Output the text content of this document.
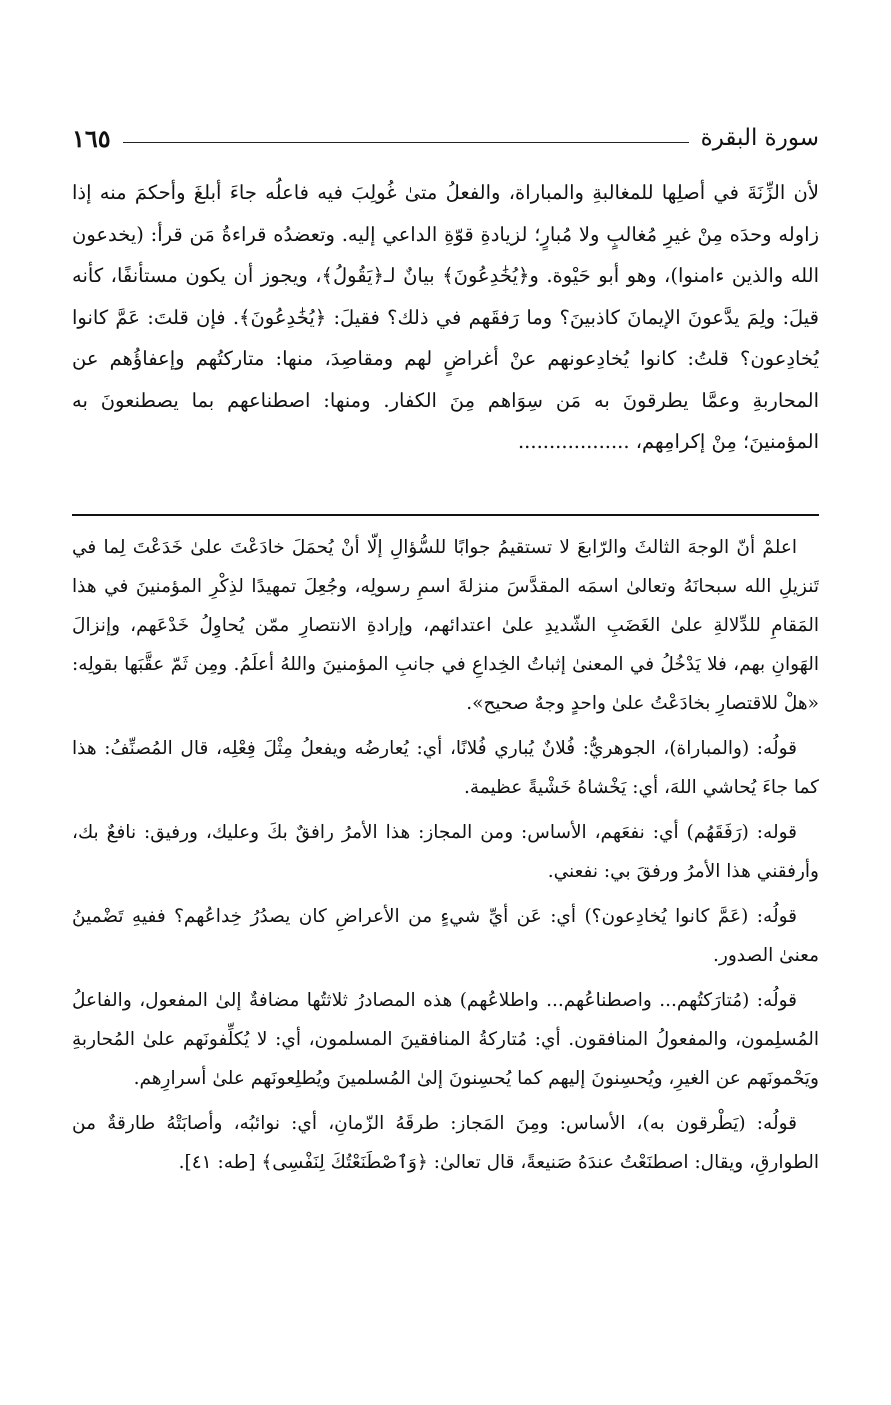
سورة البقرة
١٦٥

لأن الزِّنَةَ في أصلِها للمغالبةِ والمباراة، والفعلُ متىٰ غُولِبَ فيه فاعلُه جاءَ أبلغَ وأحكمَ منه إذا زاوله وحدَه مِنْ غيرِ مُغالبٍ ولا مُبارٍ؛ لزيادةِ قوّةِ الداعي إليه. وتعضدُه قراءةُ مَن قرأ: (يخدعون الله والذين ءامنوا)، وهو أبو حَيْوة. و﴿يُخَٰدِعُونَ﴾ بيانٌ لـ﴿يَقُولُ﴾، ويجوز أن يكون مستأنفًا، كأنه قيلَ: ولِمَ يدَّعونَ الإيمانَ كاذبينَ؟ وما رَفقَهم في ذلك؟ فقيلَ: ﴿يُخَٰدِعُونَ﴾. فإن قلتَ: عَمَّ كانوا يُخادِعون؟ قلتُ: كانوا يُخادِعونهم عنْ أغراضٍ لهم ومقاصِدَ، منها: متاركتُهم وإعفاؤُهم عن المحاربةِ وعمَّا يطرقونَ به مَن سِوَاهم مِنَ الكفار. ومنها: اصطناعهم بما يصطنعونَ به المؤمنينَ؛ مِنْ إكرامِهم، ..................

اعلمْ أنّ الوجهَ الثالثَ والرّابعَ لا تستقيمُ جوابًا للسُّؤالِ إلّا أنْ يُحمَلَ خادَعْتَ علىٰ خَدَعْتَ لِما في تَنزيلِ الله سبحانَهُ وتعالىٰ اسمَه المقدَّسَ منزلةَ اسمِ رسولِه، وجُعِلَ تمهيدًا لذِكْرِ المؤمنينَ في هذا المَقامِ للدِّلالةِ علىٰ الغَضَبِ الشّديدِ علىٰ اعتدائهم، وإرادةِ الانتصارِ ممّن يُحاوِلُ خَدْعَهم، وإنزالَ الهَوانِ بهم، فلا يَدْخُلُ في المعنىٰ إثباتُ الخِداعِ في جانبِ المؤمنينَ واللهُ أعلَمُ. ومِن ثَمّ عقَّبَها بقولِه: «هلْ للاقتصارِ بخادَعْتُ علىٰ واحدٍ وجهٌ صحيح».

قولُه: (والمباراة)، الجوهريُّ: فُلانٌ يُباري فُلانًا، أي: يُعارضُه ويفعلُ مِثْلَ فِعْلِه، قال المُصنِّفُ: هذا كما جاءَ يُحاشي اللهَ، أي: يَخْشاهُ خَشْيةً عظيمة.

قوله: (رَفَقَهُم) أي: نفعَهم، الأساس: ومن المجاز: هذا الأمرُ رافقٌ بكَ وعليك، ورفيق: نافعٌ بك، وأرفقني هذا الأمرُ ورفقَ بي: نفعني.

قولُه: (عَمَّ كانوا يُخادِعون؟) أي: عَن أيِّ شيءٍ من الأعراضِ كان يصدُرُ خِداعُهم؟ ففيهِ تَضْمينُ معنىٰ الصدور.

قولُه: (مُتارَكتُهم... واصطناعُهم... واطلاعُهم) هذه المصادرُ ثلاثتُها مضافةٌ إلىٰ المفعول، والفاعلُ المُسلِمون، والمفعولُ المنافقون. أي: مُتاركةُ المنافقينَ المسلمون، أي: لا يُكلِّفونَهم علىٰ المُحاربةِ ويَحْمونَهم عن الغيرِ، ويُحسِنونَ إليهم كما يُحسِنونَ إلىٰ المُسلمينَ ويُطلِعونَهم علىٰ أسرارِهم.

قولُه: (يَطْرقون به)، الأساس: ومِنَ المَجاز: طرقَهُ الزّمانِ، أي: نوائبُه، وأصابَتْهُ طارقةٌ من الطوارقِ، ويقال: اصطنَعْتُ عندَهُ صَنيعةً، قال تعالىٰ: ﴿وَٱصْطَنَعْتُكَ لِنَفْسِى﴾ [طه: ٤١].
